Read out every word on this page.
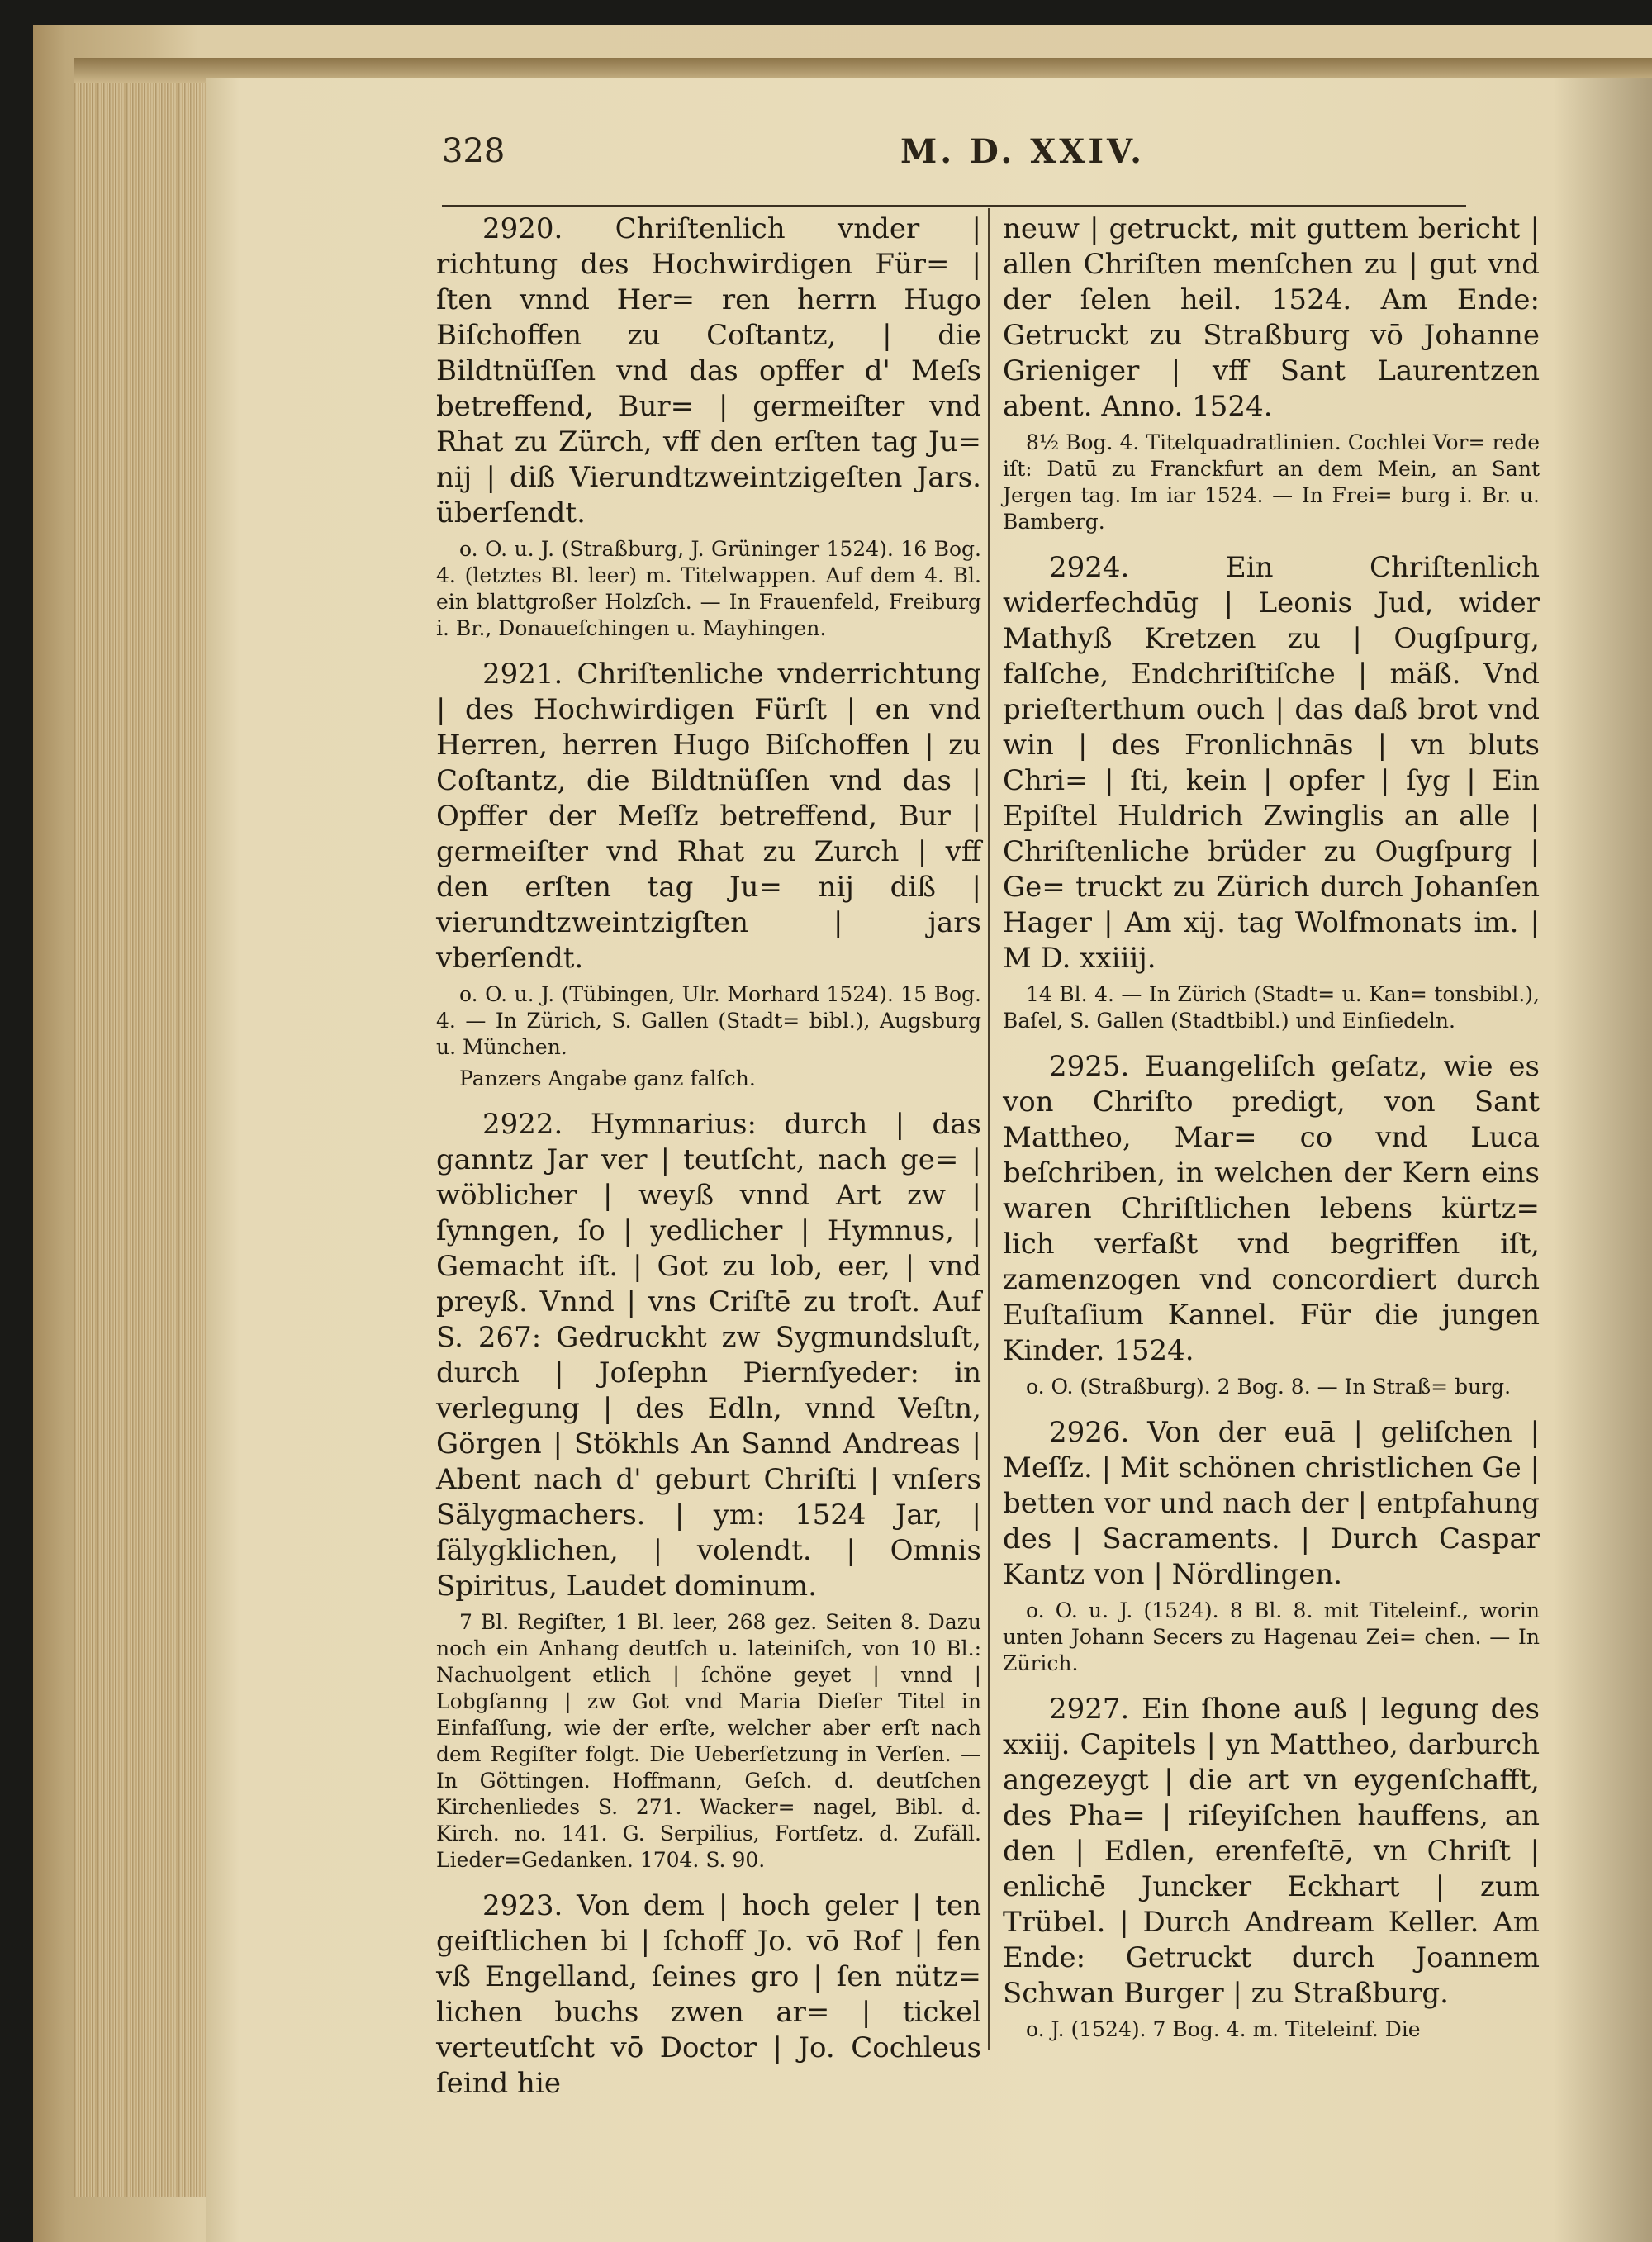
328	M. D. XXIV.

2920. Chriſtenlich vnder | richtung des Hochwirdigen Für= | ſten vnnd Her= ren herrn Hugo Biſchoffen zu Coſtantz, | die Bildtnüſſen vnd das opffer d' Meſs betreffend, Bur= | germeiſter vnd Rhat zu Zürch, vff den erſten tag Ju= nij | diß Vierundtzweintzigeſten Jars. überſendt.

o. O. u. J. (Straßburg, J. Grüninger 1524). 16 Bog. 4. (letztes Bl. leer) m. Titelwappen. Auf dem 4. Bl. ein blattgroßer Holzſch. — In Frauenfeld, Freiburg i. Br., Donaueſchingen u. Mayhingen.

2921. Chriſtenliche vnderrichtung | des Hochwirdigen Fürſt | en vnd Herren, herren Hugo Biſchoffen | zu Coſtantz, die Bildtnüſſen vnd das | Opffer der Meſſz betreffend, Bur | germeiſter vnd Rhat zu Zurch | vff den erſten tag Ju= nij diß | vierundtzweintzigſten | jars vberſendt.

o. O. u. J. (Tübingen, Ulr. Morhard 1524). 15 Bog. 4. — In Zürich, S. Gallen (Stadt= bibl.), Augsburg u. München.

Panzers Angabe ganz falſch.

2922. Hymnarius: durch | das ganntz Jar ver | teutſcht, nach ge= | wöblicher | weyß vnnd Art zw | ſynngen, ſo | yedlicher | Hymnus, | Gemacht iſt. | Got zu lob, eer, | vnd preyß. Vnnd | vns Criſtē zu troſt. Auf S. 267: Gedruckht zw Sygmundsluſt, durch | Joſephn Piernſyeder: in verlegung | des Edln, vnnd Veſtn, Görgen | Stökhls An Sannd Andreas | Abent nach d' geburt Chriſti | vnſers Sälygmachers. | ym: 1524 Jar, | ſälygklichen, | volendt. | Omnis Spiritus, Laudet dominum.

7 Bl. Regiſter, 1 Bl. leer, 268 gez. Seiten 8. Dazu noch ein Anhang deutſch u. lateiniſch, von 10 Bl.: Nachuolgent etlich | ſchöne geyet | vnnd | Lobgſanng | zw Got vnd Maria Dieſer Titel in Einfaſſung, wie der erſte, welcher aber erſt nach dem Regiſter folgt. Die Ueberſetzung in Verſen. — In Göttingen. Hoffmann, Geſch. d. deutſchen Kirchenliedes S. 271. Wacker= nagel, Bibl. d. Kirch. no. 141. G. Serpilius, Fortſetz. d. Zufäll. Lieder=Gedanken. 1704. S. 90.

2923. Von dem | hoch geler | ten geiſtlichen bi | ſchoff Jo. vō Rof | fen vß Engelland, ſeines gro | ſen nütz= lichen buchs zwen ar= | tickel verteutſcht vō Doctor | Jo. Cochleus ſeind hie

neuw | getruckt, mit guttem bericht | allen Chriſten menſchen zu | gut vnd der ſelen heil. 1524. Am Ende: Getruckt zu Straßburg vō Johanne Grieniger | vff Sant Laurentzen abent. Anno. 1524.

8½ Bog. 4. Titelquadratlinien. Cochlei Vor= rede iſt: Datū zu Franckfurt an dem Mein, an Sant Jergen tag. Im iar 1524. — In Frei= burg i. Br. u. Bamberg.

2924.	Ein Chriſtenlich widerfechdūg | Leonis Jud, wider Mathyß Kretzen zu | Ougſpurg, falſche, Endchriſtiſche | mäß. Vnd prieſterthum ouch | das daß brot vnd win | des Fronlichnās | vn bluts Chri= | ſti, kein | opfer | ſyg | Ein Epiſtel Huldrich Zwinglis an alle | Chriſtenliche brüder zu Ougſpurg | Ge= truckt zu Zürich durch Johanſen Hager | Am xij. tag Wolfmonats im. | M D. xxiiij.

14 Bl. 4. — In Zürich (Stadt= u. Kan= tonsbibl.), Baſel, S. Gallen (Stadtbibl.) und Einſiedeln.

2925. Euangeliſch geſatz, wie es von Chriſto predigt, von Sant Mattheo, Mar= co vnd Luca beſchriben, in welchen der Kern eins waren Chriſtlichen lebens kürtz= lich verfaßt vnd begriffen iſt, zamenzogen vnd concordiert durch Euſtaſium Kannel. Für die jungen Kinder. 1524.

o. O. (Straßburg). 2 Bog. 8. — In Straß= burg.

2926. Von der euā | geliſchen | Meſſz. | Mit schönen christlichen Ge | betten vor und nach der | entpfahung des | Sacraments. | Durch Caspar Kantz von | Nördlingen.

o. O. u. J. (1524). 8 Bl. 8. mit Titeleinf., worin unten Johann Secers zu Hagenau Zei= chen. — In Zürich.

2927. Ein ſhone auß | legung des xxiij. Capitels | yn Mattheo, darburch angezeygt | die art vn eygenſchafft, des Pha= | riſeyiſchen hauffens, an den | Edlen, erenfeſtē, vn Chriſt | enlichē Juncker Eckhart | zum Trübel. | Durch Andream Keller. Am Ende: Getruckt durch Joannem Schwan Burger | zu Straßburg.

o. J. (1524). 7 Bog. 4. m. Titeleinf. Die
